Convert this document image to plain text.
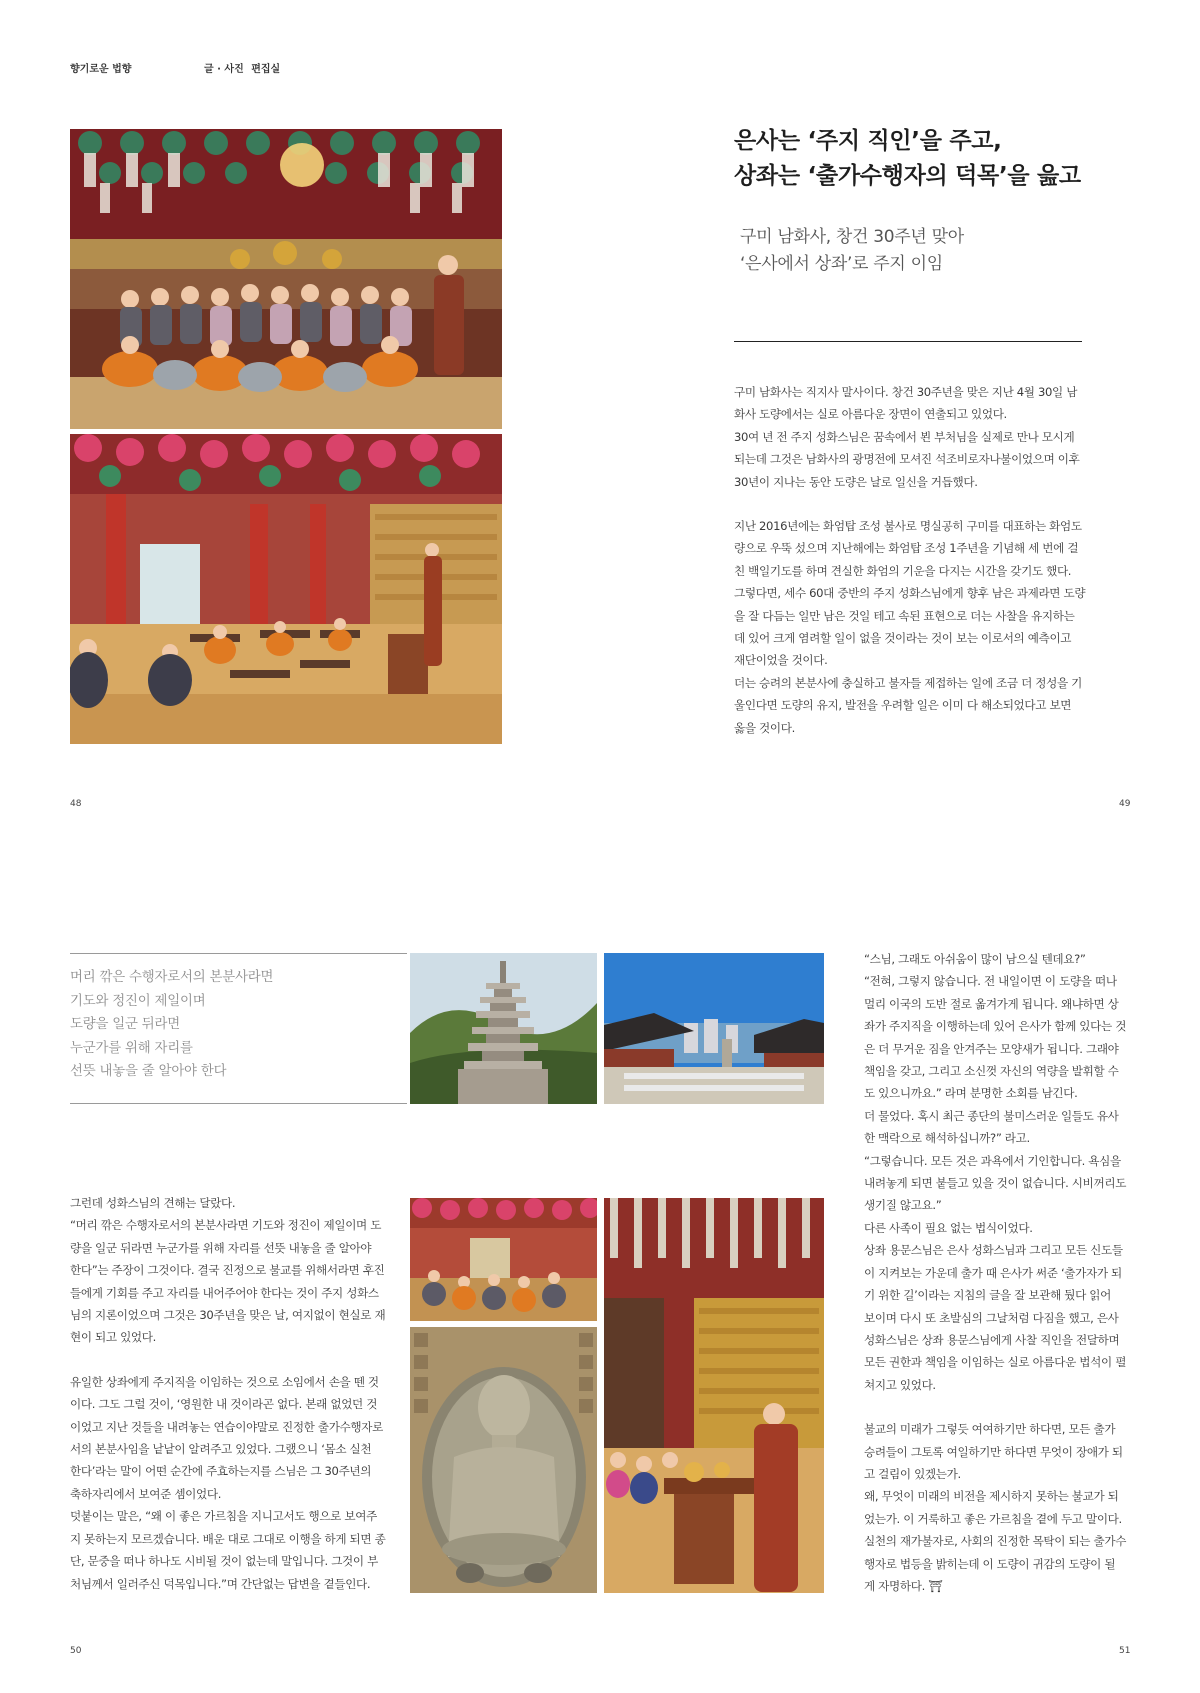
향기로운 법향	글 · 사진 편집실
은사는 ‘주지 직인’을 주고,
상좌는 ‘출가수행자의 덕목’을 읊고
구미 남화사, 창건 30주년 맞아
‘은사에서 상좌’로 주지 이임

구미 남화사는 직지사 말사이다. 창건 30주년을 맞은 지난 4월 30일 남

화사 도량에서는 실로 아름다운 장면이 연출되고 있었다.

30여 년 전 주지 성화스님은 꿈속에서 뵌 부처님을 실제로 만나 모시게

되는데 그것은 남화사의 광명전에 모셔진 석조비로자나불이었으며 이후

30년이 지나는 동안 도량은 날로 일신을 거듭했다.

지난 2016년에는 화엄탑 조성 불사로 명실공히 구미를 대표하는 화엄도

량으로 우뚝 섰으며 지난해에는 화엄탑 조성 1주년을 기념해 세 번에 걸

친 백일기도를 하며 견실한 화엄의 기운을 다지는 시간을 갖기도 했다.

그렇다면, 세수 60대 중반의 주지 성화스님에게 향후 남은 과제라면 도량

을 잘 다듬는 일만 남은 것일 테고 속된 표현으로 더는 사찰을 유지하는

데 있어 크게 염려할 일이 없을 것이라는 것이 보는 이로서의 예측이고

재단이었을 것이다.

더는 승려의 본분사에 충실하고 불자들 제접하는 일에 조금 더 정성을 기

울인다면 도량의 유지, 발전을 우려할 일은 이미 다 해소되었다고 보면

옳을 것이다.

48	49
머리 깎은 수행자로서의 본분사라면
기도와 정진이 제일이며
도량을 일군 뒤라면
누군가를 위해 자리를
선뜻 내놓을 줄 알아야 한다

그런데 성화스님의 견해는 달랐다.

“머리 깎은 수행자로서의 본분사라면 기도와 정진이 제일이며 도

량을 일군 뒤라면 누군가를 위해 자리를 선뜻 내놓을 줄 알아야

한다”는 주장이 그것이다. 결국 진정으로 불교를 위해서라면 후진

들에게 기회를 주고 자리를 내어주어야 한다는 것이 주지 성화스

님의 지론이었으며 그것은 30주년을 맞은 날, 여지없이 현실로 재

현이 되고 있었다.

유일한 상좌에게 주지직을 이임하는 것으로 소임에서 손을 뗀 것

이다. 그도 그럴 것이, ‘영원한 내 것이라곤 없다. 본래 없었던 것

이었고 지난 것들을 내려놓는 연습이야말로 진정한 출가수행자로

서의 본분사임을 낱낱이 알려주고 있었다. 그랬으니 ‘몸소 실천

한다’라는 말이 어떤 순간에 주효하는지를 스님은 그 30주년의

축하자리에서 보여준 셈이었다.

덧붙이는 말은, “왜 이 좋은 가르침을 지니고서도 행으로 보여주

지 못하는지 모르겠습니다. 배운 대로 그대로 이행을 하게 되면 종

단, 문중을 떠나 하나도 시비될 것이 없는데 말입니다. 그것이 부

처님께서 일러주신 덕목입니다.”며 간단없는 답변을 곁들인다.

“스님, 그래도 아쉬움이 많이 남으실 텐데요?”

“전혀, 그렇지 않습니다. 전 내일이면 이 도량을 떠나

멀리 이국의 도반 절로 옮겨가게 됩니다. 왜냐하면 상

좌가 주지직을 이행하는데 있어 은사가 함께 있다는 것

은 더 무거운 짐을 안겨주는 모양새가 됩니다. 그래야

책임을 갖고, 그리고 소신껏 자신의 역량을 발휘할 수

도 있으니까요.” 라며 분명한 소회를 남긴다.

더 물었다. 혹시 최근 종단의 불미스러운 일들도 유사

한 맥락으로 해석하십니까?” 라고.

“그렇습니다. 모든 것은 과욕에서 기인합니다. 욕심을

내려놓게 되면 붙들고 있을 것이 없습니다. 시비꺼리도

생기질 않고요.”

다른 사족이 필요 없는 법식이었다.

상좌 용문스님은 은사 성화스님과 그리고 모든 신도들

이 지켜보는 가운데 출가 때 은사가 써준 ‘출가자가 되

기 위한 길’이라는 지침의 글을 잘 보관해 뒀다 읽어

보이며 다시 또 초발심의 그날처럼 다짐을 했고, 은사

성화스님은 상좌 용문스님에게 사찰 직인을 전달하며

모든 권한과 책임을 이임하는 실로 아름다운 법석이 펼

쳐지고 있었다.

불교의 미래가 그렇듯 여여하기만 하다면, 모든 출가

승려들이 그토록 여일하기만 하다면 무엇이 장애가 되

고 걸림이 있겠는가.

왜, 무엇이 미래의 비전을 제시하지 못하는 불교가 되

었는가. 이 거룩하고 좋은 가르침을 곁에 두고 말이다.

실천의 재가불자로, 사회의 진정한 목탁이 되는 출가수

행자로 법등을 밝히는데 이 도량이 귀감의 도량이 될

게 자명하다. ⛩

50	51
